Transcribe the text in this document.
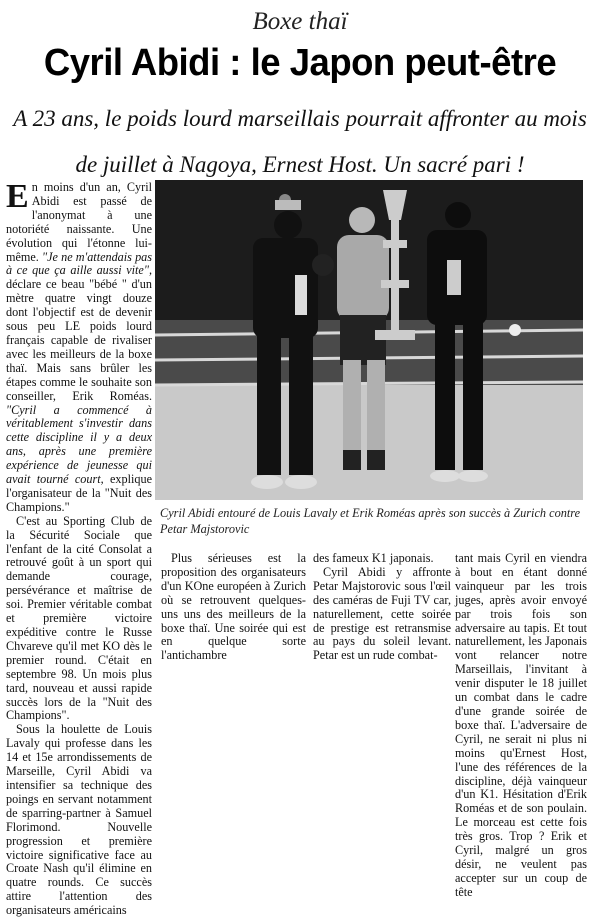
Boxe thaï
Cyril Abidi : le Japon peut-être
A 23 ans, le poids lourd marseillais pourrait affronter au mois de juillet à Nagoya, Ernest Host. Un sacré pari !

En moins d'un an, Cyril Abidi est passé de l'anonymat à une notoriété naissante. Une évolution qui l'étonne lui-même. "Je ne m'attendais pas à ce que ça aille aussi vite", déclare ce beau "bébé " d'un mètre quatre vingt douze dont l'objectif est de devenir sous peu LE poids lourd français capable de rivaliser avec les meilleurs de la boxe thaï. Mais sans brûler les étapes comme le souhaite son conseiller, Erik Roméas. "Cyril a commencé à véritablement s'investir dans cette discipline il y a deux ans, après une première expérience de jeunesse qui avait tourné court, explique l'organisateur de la "Nuit des Champions."

C'est au Sporting Club de la Sécurité Sociale que l'enfant de la cité Consolat a retrouvé goût à un sport qui demande courage, persévérance et maîtrise de soi. Premier véritable combat et première victoire expéditive contre le Russe Chvareve qu'il met KO dès le premier round. C'était en septembre 98. Un mois plus tard, nouveau et aussi rapide succès lors de la "Nuit des Champions".

Sous la houlette de Louis Lavaly qui professe dans les 14 et 15e arrondissements de Marseille, Cyril Abidi va intensifier sa technique des poings en servant notamment de sparring-partner à Samuel Florimond. Nouvelle progression et première victoire significative face au Croate Nash qu'il élimine en quatre rounds. Ce succès attire l'attention des organisateurs américains

Cyril Abidi entouré de Louis Lavaly et Erik Roméas après son succès à Zurich contre Petar Majstorovic

Plus sérieuses est la proposition des organisateurs d'un KOne européen à Zurich où se retrouvent quelques-uns uns des meilleurs de la boxe thaï. Une soirée qui est en quelque sorte l'antichambre

des fameux K1 japonais.

Cyril Abidi y affronte Petar Majstorovic sous l'œil des caméras de Fuji TV car, naturellement, cette soirée de prestige est retransmise au pays du soleil levant. Petar est un rude combat-

tant mais Cyril en viendra à bout en étant donné vainqueur par les trois juges, après avoir envoyé par trois fois son adversaire au tapis. Et tout naturellement, les Japonais vont relancer notre Marseillais, l'invitant à venir disputer le 18 juillet un combat dans le cadre d'une grande soirée de boxe thaï. L'adversaire de Cyril, ne serait ni plus ni moins qu'Ernest Host, l'une des références de la discipline, déjà vainqueur d'un K1. Hésitation d'Erik Roméas et de son poulain. Le morceau est cette fois très gros. Trop ? Erik et Cyril, malgré un gros désir, ne veulent pas accepter sur un coup de tête
